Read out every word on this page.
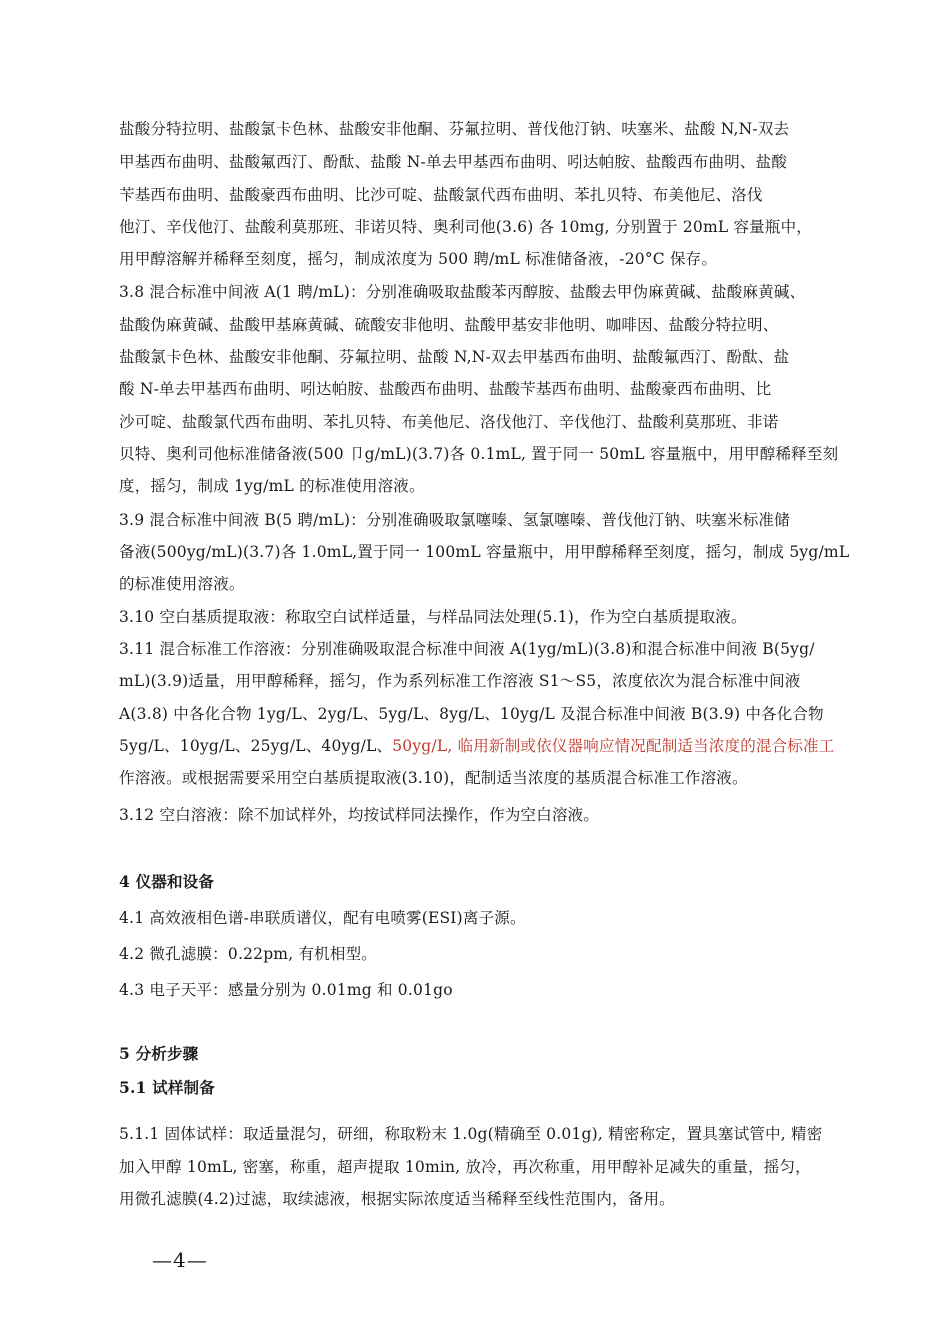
盐酸分特拉明、盐酸氯卡色林、盐酸安非他酮、芬氟拉明、普伐他汀钠、呋塞米、盐酸 N,N-双去
甲基西布曲明、盐酸氟西汀、酚酞、盐酸 N-单去甲基西布曲明、吲达帕胺、盐酸西布曲明、盐酸
苄基西布曲明、盐酸豪西布曲明、比沙可啶、盐酸氯代西布曲明、苯扎贝特、布美他尼、洛伐
他汀、辛伐他汀、盐酸利莫那班、非诺贝特、奥利司他(3.6) 各 10mg, 分别置于 20mL 容量瓶中，
用甲醇溶解并稀释至刻度，摇匀，制成浓度为 500 聘/mL 标准储备液，-20°C 保存。
3.8 混合标准中间液 A(1 聘/mL)：分别准确吸取盐酸苯丙醇胺、盐酸去甲伪麻黄碱、盐酸麻黄碱、
盐酸伪麻黄碱、盐酸甲基麻黄碱、硫酸安非他明、盐酸甲基安非他明、咖啡因、盐酸分特拉明、
盐酸氯卡色林、盐酸安非他酮、芬氟拉明、盐酸 N,N-双去甲基西布曲明、盐酸氟西汀、酚酞、盐
酸 N-单去甲基西布曲明、吲达帕胺、盐酸西布曲明、盐酸苄基西布曲明、盐酸豪西布曲明、比
沙可啶、盐酸氯代西布曲明、苯扎贝特、布美他尼、洛伐他汀、辛伐他汀、盐酸利莫那班、非诺
贝特、奥利司他标准储备液(500 卩g/mL)(3.7)各 0.1mL, 置于同一 50mL 容量瓶中，用甲醇稀释至刻
度，摇匀，制成 1yg/mL 的标准使用溶液。
3.9 混合标准中间液 B(5 聘/mL)：分别准确吸取氯噻嗪、氢氯噻嗪、普伐他汀钠、呋塞米标准储
备液(500yg/mL)(3.7)各 1.0mL,置于同一 100mL 容量瓶中，用甲醇稀释至刻度，摇匀，制成 5yg/mL
的标准使用溶液。
3.10 空白基质提取液：称取空白试样适量，与样品同法处理(5.1)，作为空白基质提取液。
3.11 混合标准工作溶液：分别准确吸取混合标准中间液 A(1yg/mL)(3.8)和混合标准中间液 B(5yg/
mL)(3.9)适量，用甲醇稀释，摇匀，作为系列标准工作溶液 S1〜S5，浓度依次为混合标准中间液
A(3.8) 中各化合物 1yg/L、2yg/L、5yg/L、8yg/L、10yg/L 及混合标准中间液 B(3.9) 中各化合物
5yg/L、10yg/L、25yg/L、40yg/L、50yg/L, 临用新制或依仪器响应情况配制适当浓度的混合标准工
作溶液。或根据需要采用空白基质提取液(3.10)，配制适当浓度的基质混合标准工作溶液。
3.12 空白溶液：除不加试样外，均按试样同法操作，作为空白溶液。
4 仪器和设备
4.1 高效液相色谱-串联质谱仪，配有电喷雾(ESI)离子源。
4.2 微孔滤膜：0.22pm, 有机相型。
4.3 电子天平：感量分别为 0.01mg 和 0.01go
5 分析步骤
5.1 试样制备
5.1.1 固体试样：取适量混匀，研细，称取粉末 1.0g(精确至 0.01g), 精密称定，置具塞试管中, 精密
加入甲醇 10mL, 密塞，称重，超声提取 10min, 放冷，再次称重，用甲醇补足减失的重量，摇匀，
用微孔滤膜(4.2)过滤，取续滤液，根据实际浓度适当稀释至线性范围内，备用。
—4—
